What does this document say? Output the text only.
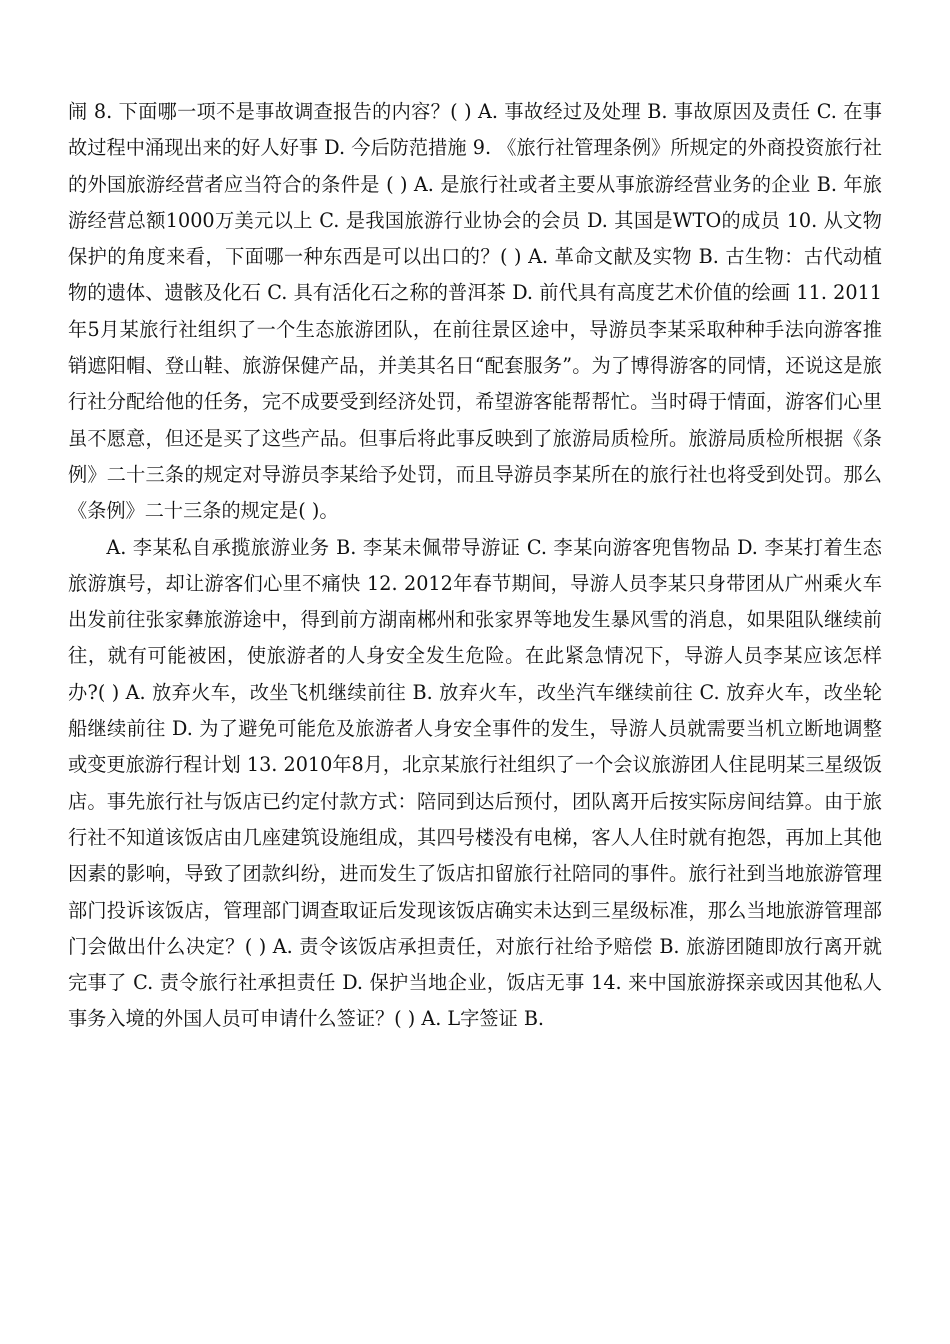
闹 8. 下面哪一项不是事故调查报告的内容？( ) A. 事故经过及处理 B. 事故原因及责任 C. 在事故过程中涌现出来的好人好事 D. 今后防范措施 9. 《旅行社管理条例》所规定的外商投资旅行社的外国旅游经营者应当符合的条件是 ( ) A. 是旅行社或者主要从事旅游经营业务的企业 B. 年旅游经营总额1000万美元以上 C. 是我国旅游行业协会的会员 D. 其国是WTO的成员 10. 从文物保护的角度来看，下面哪一种东西是可以出口的？( ) A. 革命文献及实物 B. 古生物：古代动植物的遗体、遗骸及化石 C. 具有活化石之称的普洱茶 D. 前代具有高度艺术价值的绘画 11. 2011年5月某旅行社组织了一个生态旅游团队，在前往景区途中，导游员李某采取种种手法向游客推销遮阳帽、登山鞋、旅游保健产品，并美其名日“配套服务”。为了博得游客的同情，还说这是旅行社分配给他的任务，完不成要受到经济处罚，希望游客能帮帮忙。当时碍于情面，游客们心里虽不愿意，但还是买了这些产品。但事后将此事反映到了旅游局质检所。旅游局质检所根据《条例》二十三条的规定对导游员李某给予处罚，而且导游员李某所在的旅行社也将受到处罚。那么《条例》二十三条的规定是( )。

A. 李某私自承揽旅游业务 B. 李某未佩带导游证 C. 李某向游客兜售物品 D. 李某打着生态旅游旗号，却让游客们心里不痛快 12. 2012年春节期间，导游人员李某只身带团从广州乘火车出发前往张家彝旅游途中，得到前方湖南郴州和张家界等地发生暴风雪的消息，如果阻队继续前往，就有可能被困，使旅游者的人身安全发生危险。在此紧急情况下，导游人员李某应该怎样办?( ) A. 放弃火车，改坐飞机继续前往 B. 放弃火车，改坐汽车继续前往 C. 放弃火车，改坐轮船继续前往 D. 为了避免可能危及旅游者人身安全事件的发生，导游人员就需要当机立断地调整或变更旅游行程计划 13. 2010年8月，北京某旅行社组织了一个会议旅游团人住昆明某三星级饭店。事先旅行社与饭店已约定付款方式：陪同到达后预付，团队离开后按实际房间结算。由于旅行社不知道该饭店由几座建筑设施组成，其四号楼没有电梯，客人人住时就有抱怨，再加上其他因素的影响，导致了团款纠纷，进而发生了饭店扣留旅行社陪同的事件。旅行社到当地旅游管理部门投诉该饭店，管理部门调查取证后发现该饭店确实未达到三星级标准，那么当地旅游管理部门会做出什么决定？( ) A. 责令该饭店承担责任，对旅行社给予赔偿 B. 旅游团随即放行离开就完事了 C. 责令旅行社承担责任 D. 保护当地企业，饭店无事 14. 来中国旅游探亲或因其他私人事务入境的外国人员可申请什么签证？( ) A. L字签证 B.
